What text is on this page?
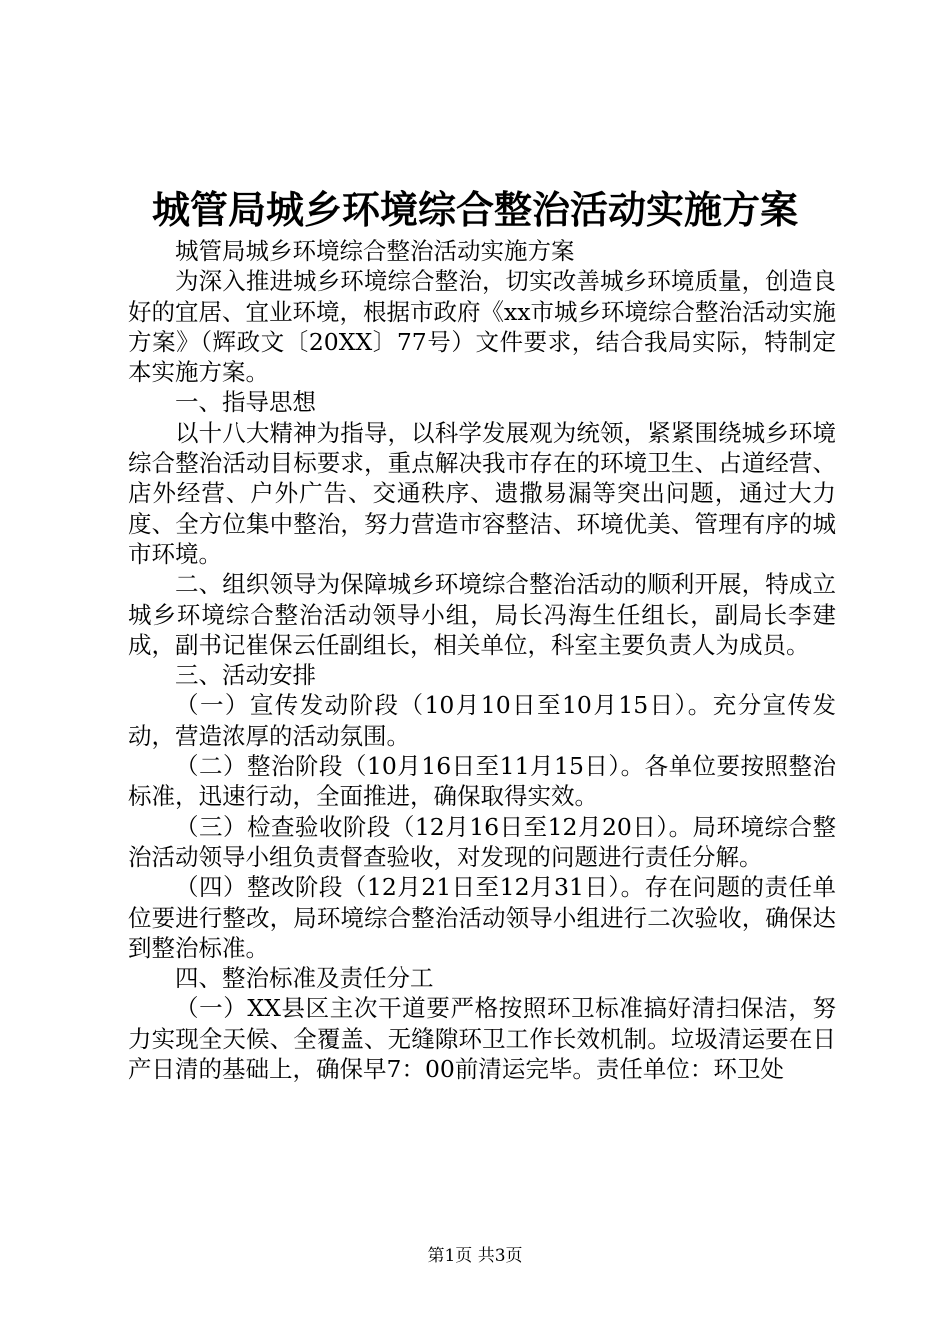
城管局城乡环境综合整治活动实施方案

城管局城乡环境综合整治活动实施方案

为深入推进城乡环境综合整治，切实改善城乡环境质量，创造良好的宜居、宜业环境，根据市政府《xx市城乡环境综合整治活动实施方案》（辉政文〔20XX〕77号）文件要求，结合我局实际，特制定本实施方案。

一、指导思想

以十八大精神为指导，以科学发展观为统领，紧紧围绕城乡环境综合整治活动目标要求，重点解决我市存在的环境卫生、占道经营、店外经营、户外广告、交通秩序、遗撒易漏等突出问题，通过大力度、全方位集中整治，努力营造市容整洁、环境优美、管理有序的城市环境。

二、组织领导为保障城乡环境综合整治活动的顺利开展，特成立城乡环境综合整治活动领导小组，局长冯海生任组长，副局长李建成，副书记崔保云任副组长，相关单位，科室主要负责人为成员。

三、活动安排

（一）宣传发动阶段（10月10日至10月15日）。充分宣传发动，营造浓厚的活动氛围。

（二）整治阶段（10月16日至11月15日）。各单位要按照整治标准，迅速行动，全面推进，确保取得实效。

（三）检查验收阶段（12月16日至12月20日）。局环境综合整治活动领导小组负责督查验收，对发现的问题进行责任分解。

（四）整改阶段（12月21日至12月31日）。存在问题的责任单位要进行整改，局环境综合整治活动领导小组进行二次验收，确保达到整治标准。

四、整治标准及责任分工

（一）XX县区主次干道要严格按照环卫标准搞好清扫保洁，努力实现全天候、全覆盖、无缝隙环卫工作长效机制。垃圾清运要在日产日清的基础上，确保早7：00前清运完毕。责任单位：环卫处

第1页 共3页
